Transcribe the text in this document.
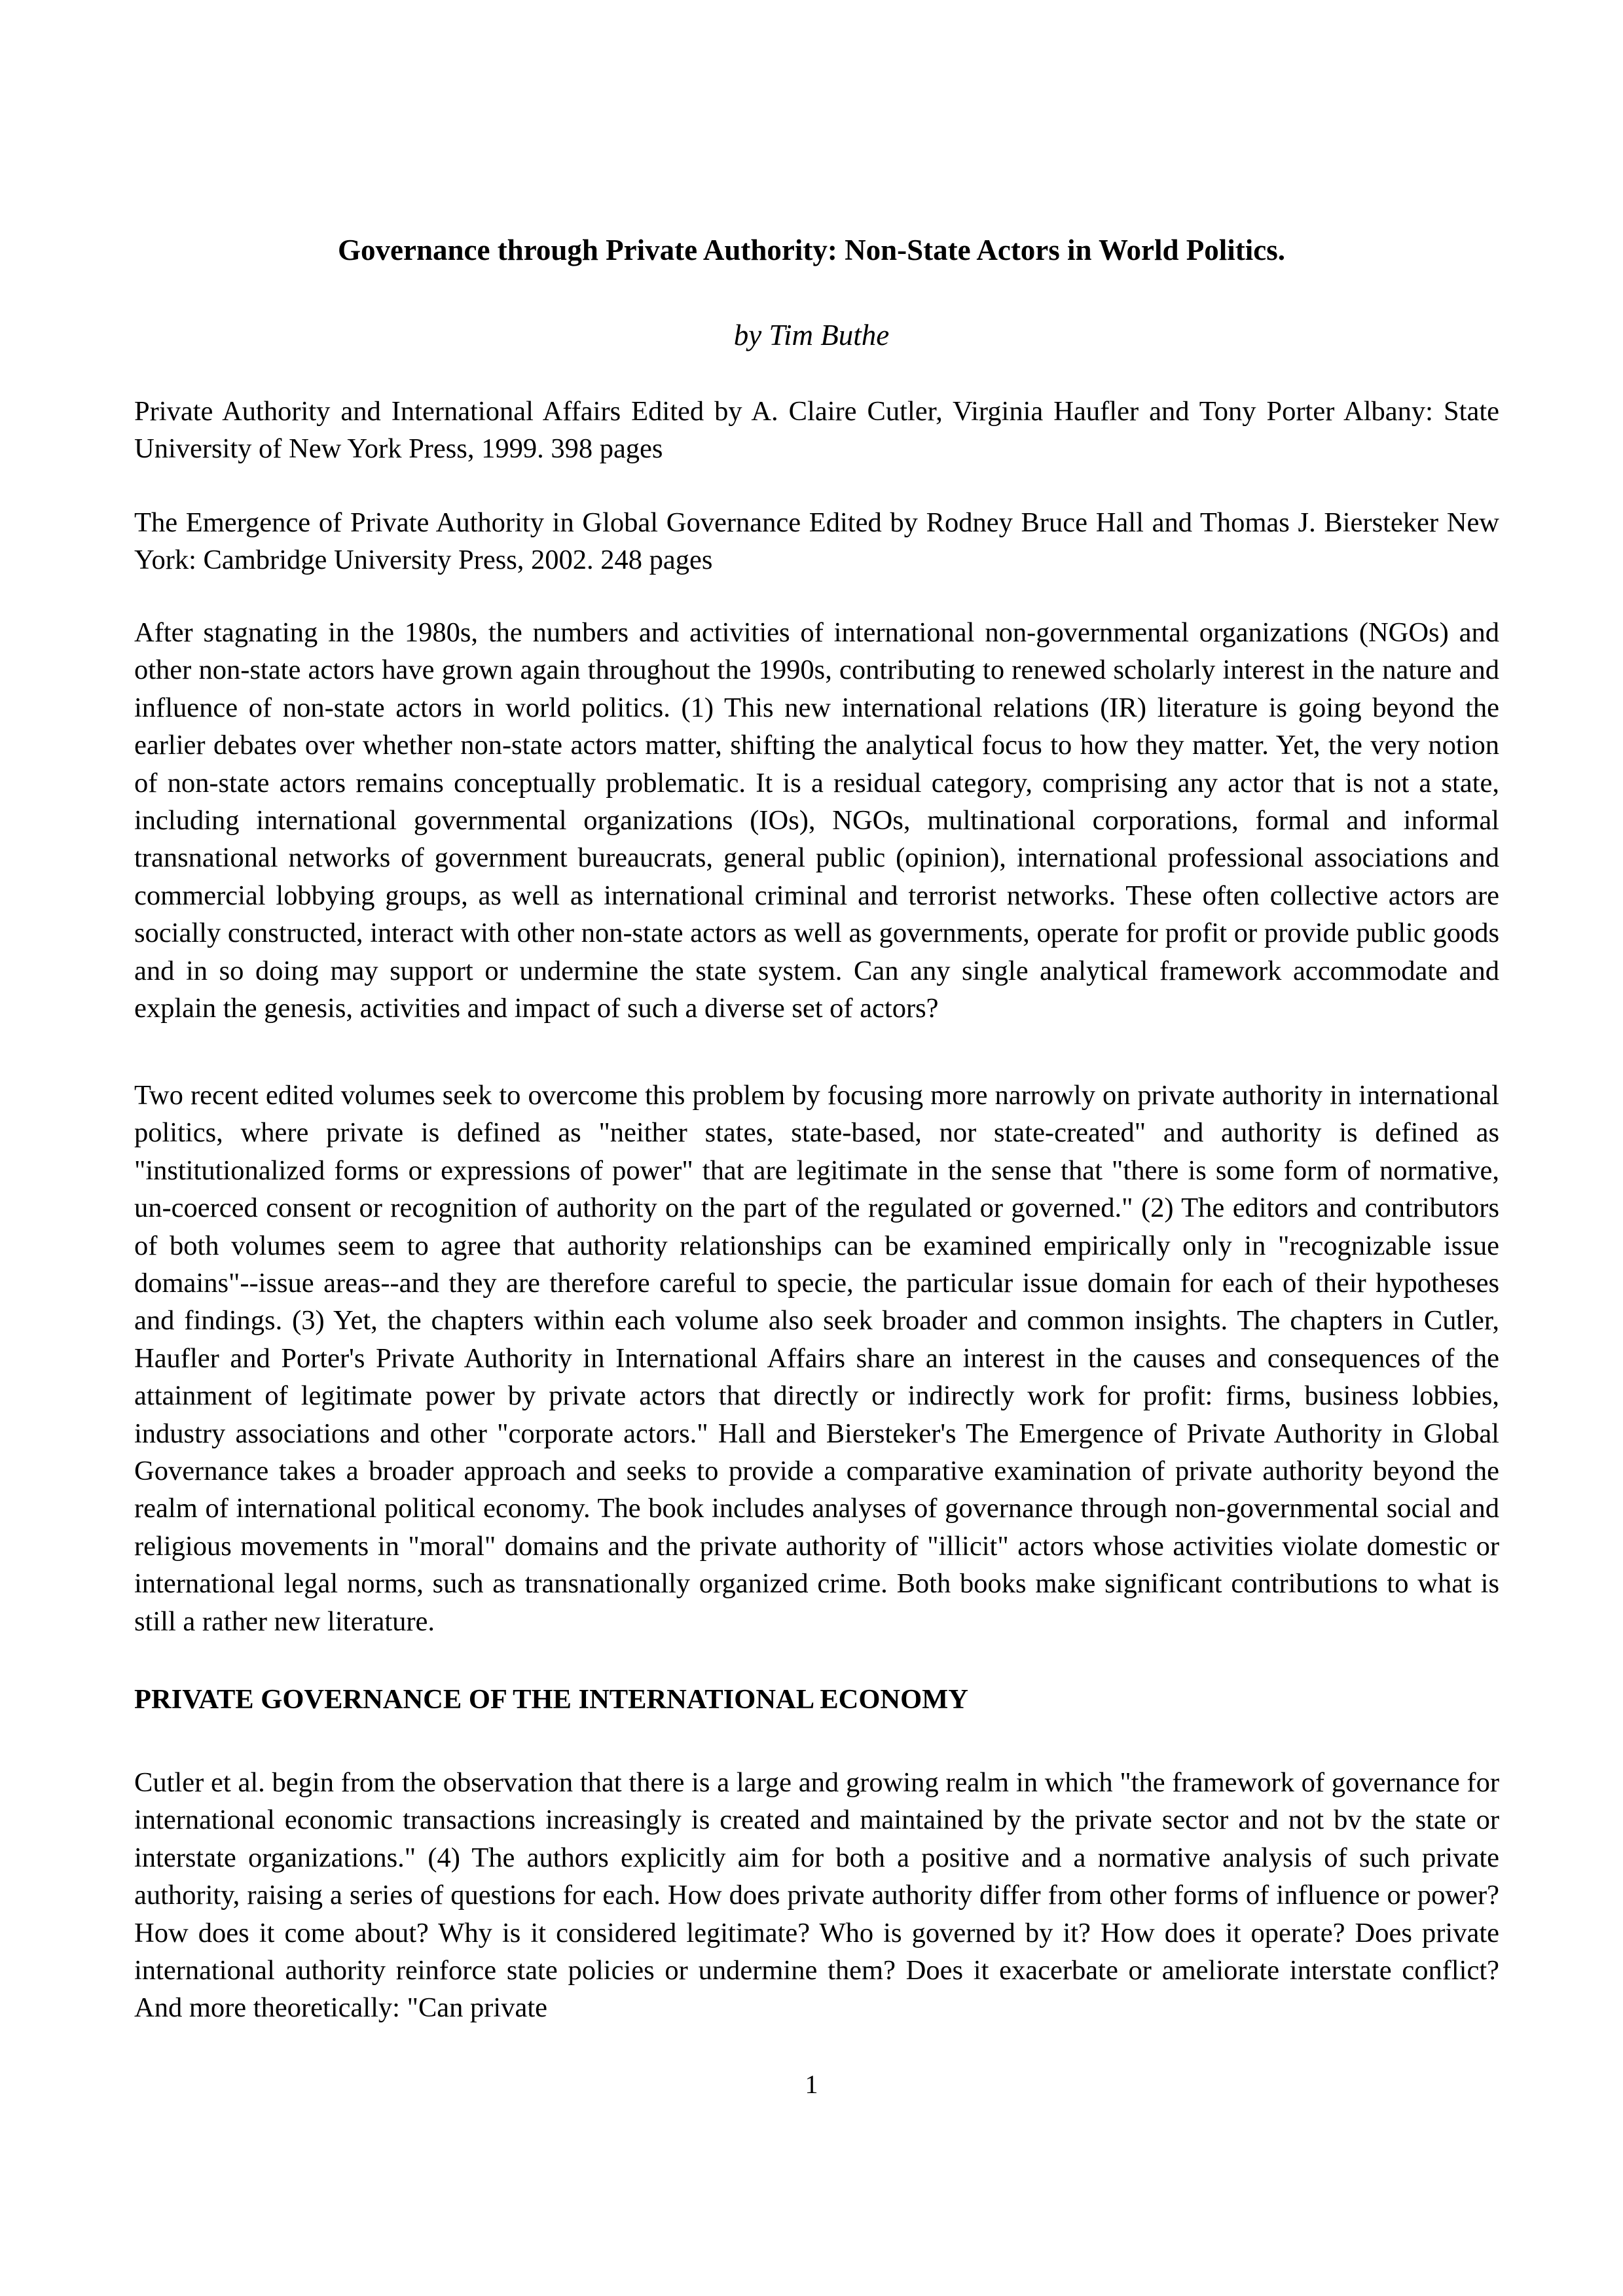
Governance through Private Authority: Non-State Actors in World Politics.
by Tim Buthe

Private Authority and International Affairs Edited by A. Claire Cutler, Virginia Haufler and Tony Porter Albany: State University of New York Press, 1999. 398 pages

The Emergence of Private Authority in Global Governance Edited by Rodney Bruce Hall and Thomas J. Biersteker New York: Cambridge University Press, 2002. 248 pages

After stagnating in the 1980s, the numbers and activities of international non-governmental organizations (NGOs) and other non-state actors have grown again throughout the 1990s, contributing to renewed scholarly interest in the nature and influence of non-state actors in world politics. (1) This new international relations (IR) literature is going beyond the earlier debates over whether non-state actors matter, shifting the analytical focus to how they matter. Yet, the very notion of non-state actors remains conceptually problematic. It is a residual category, comprising any actor that is not a state, including international governmental organizations (IOs), NGOs, multinational corporations, formal and informal transnational networks of government bureaucrats, general public (opinion), international professional associations and commercial lobbying groups, as well as international criminal and terrorist networks. These often collective actors are socially constructed, interact with other non-state actors as well as governments, operate for profit or provide public goods and in so doing may support or undermine the state system. Can any single analytical framework accommodate and explain the genesis, activities and impact of such a diverse set of actors?

Two recent edited volumes seek to overcome this problem by focusing more narrowly on private authority in international politics, where private is defined as "neither states, state-based, nor state-created" and authority is defined as "institutionalized forms or expressions of power" that are legitimate in the sense that "there is some form of normative, un-coerced consent or recognition of authority on the part of the regulated or governed." (2) The editors and contributors of both volumes seem to agree that authority relationships can be examined empirically only in "recognizable issue domains"--issue areas--and they are therefore careful to specie, the particular issue domain for each of their hypotheses and findings. (3) Yet, the chapters within each volume also seek broader and common insights. The chapters in Cutler, Haufler and Porter's Private Authority in International Affairs share an interest in the causes and consequences of the attainment of legitimate power by private actors that directly or indirectly work for profit: firms, business lobbies, industry associations and other "corporate actors." Hall and Biersteker's The Emergence of Private Authority in Global Governance takes a broader approach and seeks to provide a comparative examination of private authority beyond the realm of international political economy. The book includes analyses of governance through non-governmental social and religious movements in "moral" domains and the private authority of "illicit" actors whose activities violate domestic or international legal norms, such as transnationally organized crime. Both books make significant contributions to what is still a rather new literature.

PRIVATE GOVERNANCE OF THE INTERNATIONAL ECONOMY

Cutler et al. begin from the observation that there is a large and growing realm in which "the framework of governance for international economic transactions increasingly is created and maintained by the private sector and not bv the state or interstate organizations." (4) The authors explicitly aim for both a positive and a normative analysis of such private authority, raising a series of questions for each. How does private authority differ from other forms of influence or power? How does it come about? Why is it considered legitimate? Who is governed by it? How does it operate? Does private international authority reinforce state policies or undermine them? Does it exacerbate or ameliorate interstate conflict? And more theoretically: "Can private

1
